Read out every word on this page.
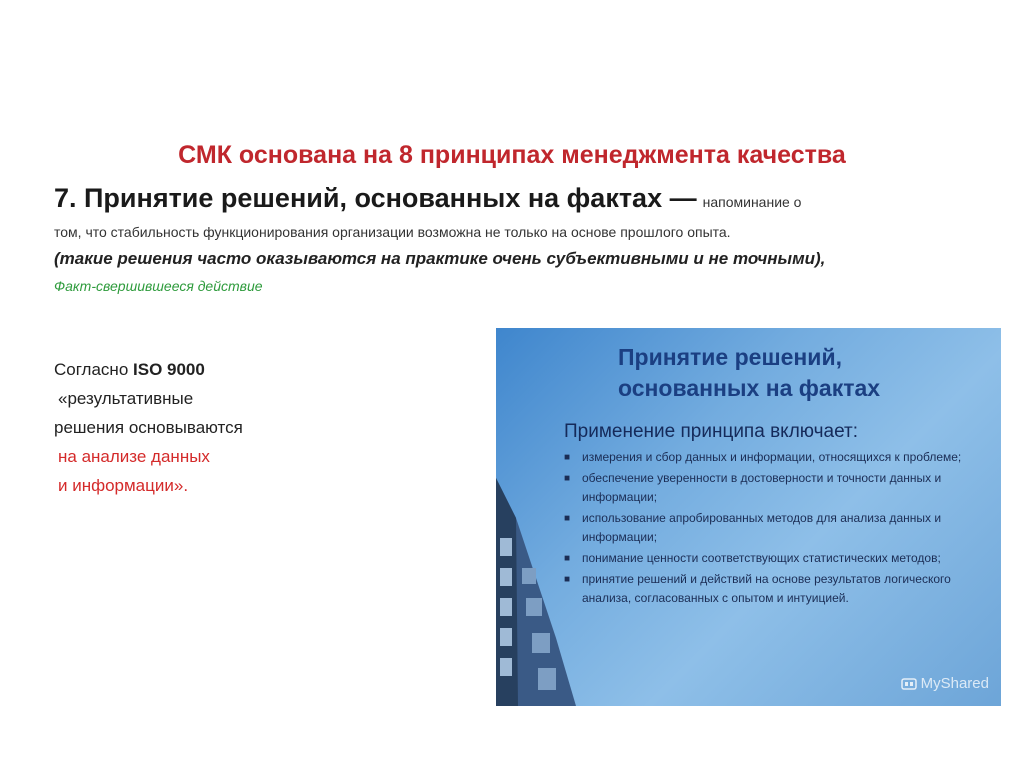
СМК основана на 8 принципах менеджмента качества

7. Принятие решений, основанных на фактах — напоминание о

том, что стабильность функционирования организации возможна не только на основе прошлого опыта.

(такие решения часто оказываются на практике очень субъективными и не точными),

Факт-свершившееся действие

Согласно ISO 9000
«результативные
решения основываются
на анализе данных
и информации».

Принятие решений,
основанных на фактах

Применение принципа включает:

■ измерения и сбор данных и информации, относящихся к проблеме;
■ обеспечение уверенности в достоверности и точности данных и информации;
■ использование апробированных методов для анализа данных и информации;
■ понимание ценности соответствующих статистических методов;
■ принятие решений и действий на основе результатов логического анализа, согласованных с опытом и интуицией.
MyShared
